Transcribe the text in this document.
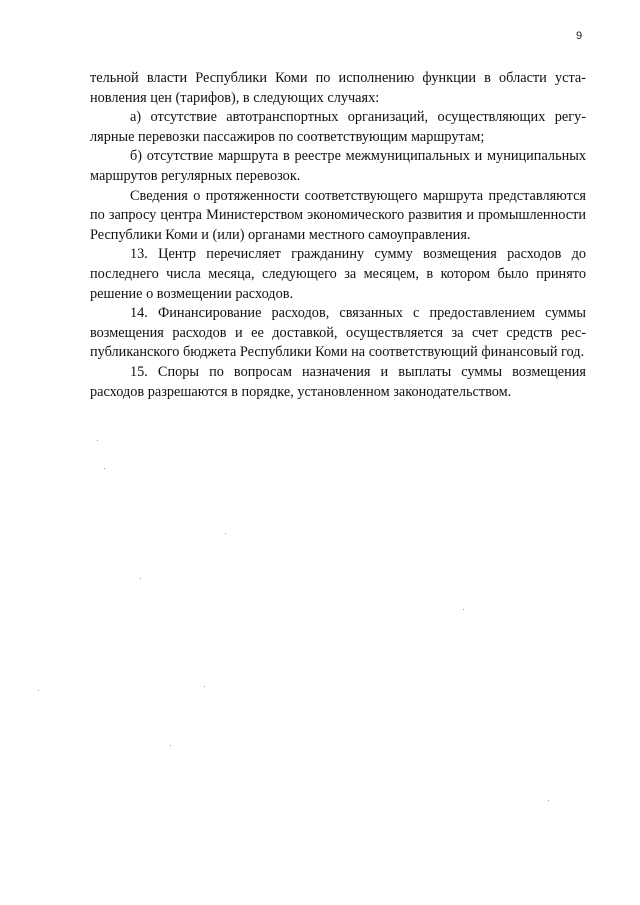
9

тельной власти Республики Коми по исполнению функции в области установления цен (тарифов), в следующих случаях:

а) отсутствие автотранспортных организаций, осуществляющих регулярные перевозки пассажиров по соответствующим маршрутам;

б) отсутствие маршрута в реестре межмуниципальных и муниципальных маршрутов регулярных перевозок.

Сведения о протяженности соответствующего маршрута представляются по запросу центра Министерством экономического развития и промышленности Республики Коми и (или) органами местного самоуправления.

13. Центр перечисляет гражданину сумму возмещения расходов до последнего числа месяца, следующего за месяцем, в котором было принято решение о возмещении расходов.

14. Финансирование расходов, связанных с предоставлением суммы возмещения расходов и ее доставкой, осуществляется за счет средств республиканского бюджета Республики Коми на соответствующий финансовый год.

15. Споры по вопросам назначения и выплаты суммы возмещения расходов разрешаются в порядке, установленном законодательством.
